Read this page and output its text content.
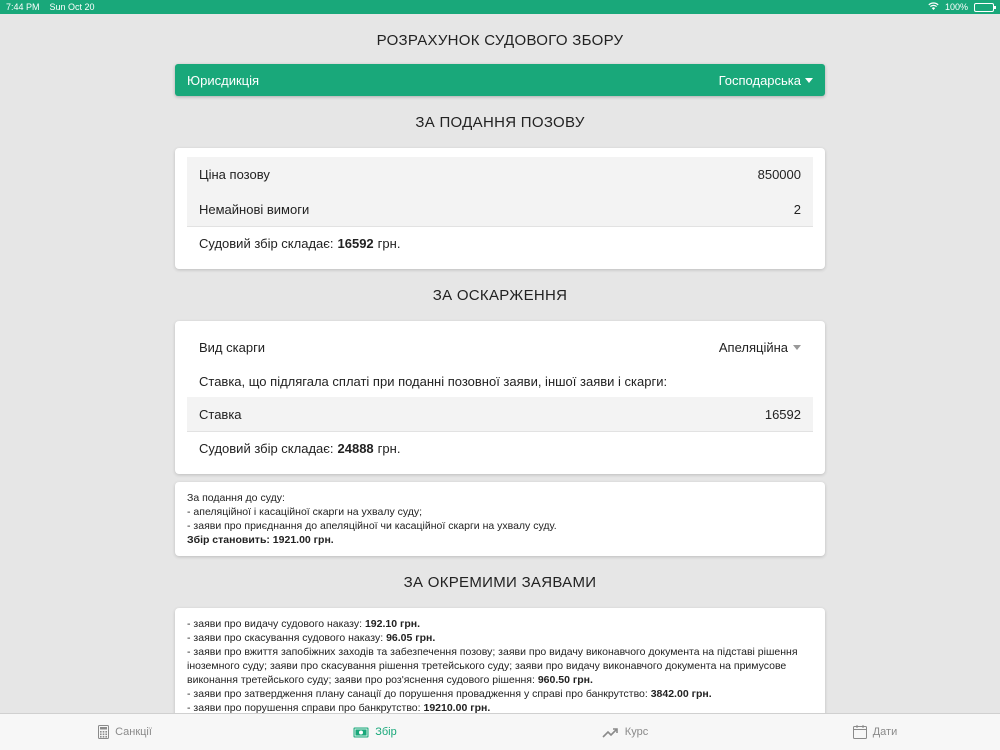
7:44 PM Sun Oct 20	100%
РОЗРАХУНОК СУДОВОГО ЗБОРУ
Юрисдикція	Господарська
ЗА ПОДАННЯ ПОЗОВУ
Ціна позову	850000
Немайнові вимоги	2
Судовий збір складає: 16592 грн.
ЗА ОСКАРЖЕННЯ
Вид скарги	Апеляційна
Ставка, що підлягала сплаті при поданні позовної заяви, іншої заяви і скарги:
Ставка	16592
Судовий збір складає: 24888 грн.
За подання до суду:
- апеляційної і касаційної скарги на ухвалу суду;
- заяви про приєднання до апеляційної чи касаційної скарги на ухвалу суду.
Збір становить: 1921.00 грн.
ЗА ОКРЕМИМИ ЗАЯВАМИ
- заяви про видачу судового наказу: 192.10 грн.
- заяви про скасування судового наказу: 96.05 грн.
- заяви про вжиття запобіжних заходів та забезпечення позову; заяви про видачу виконавчого документа на підставі рішення іноземного суду; заяви про скасування рішення третейського суду; заяви про видачу виконавчого документа на примусове виконання третейського суду; заяви про роз'яснення судового рішення: 960.50 грн.
- заяви про затвердження плану санації до порушення провадження у справі про банкрутство: 3842.00 грн.
- заяви про порушення справи про банкрутство: 19210.00 грн.
Санкції	Збір	Курс	Дати
